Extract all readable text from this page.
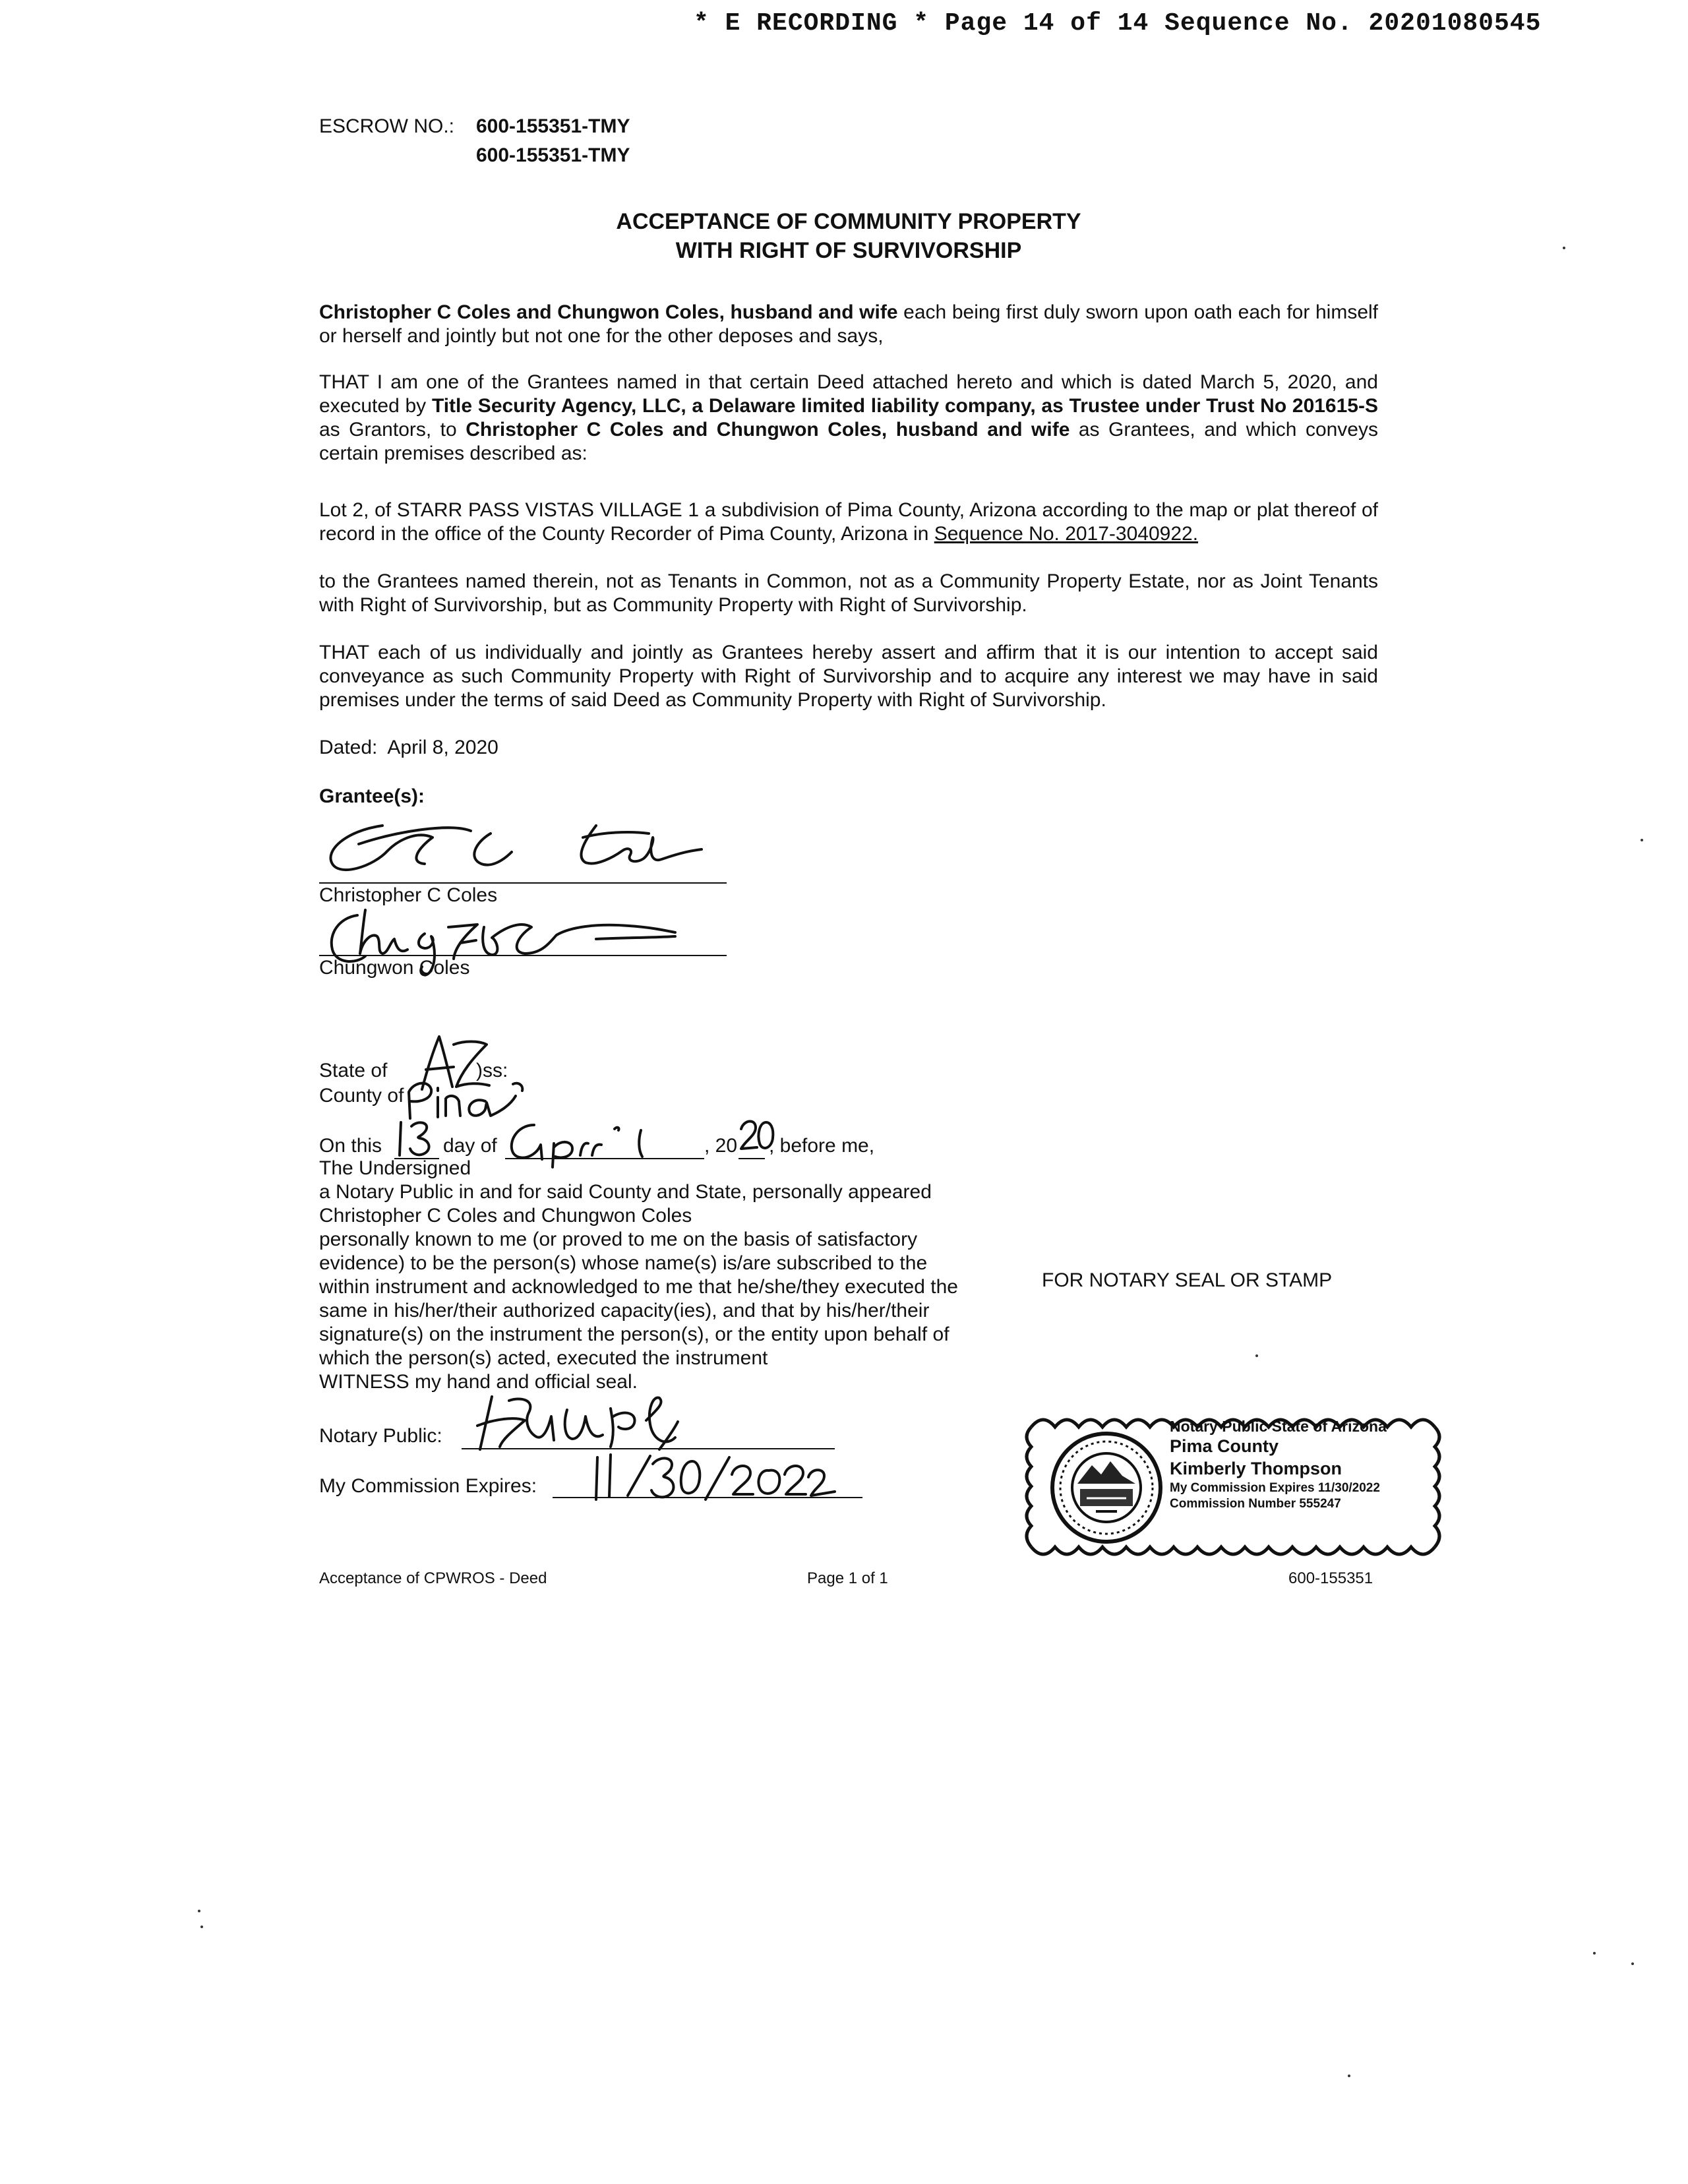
* E RECORDING * Page 14 of 14 Sequence No. 20201080545
ESCROW NO.: 600-155351-TMY
600-155351-TMY
ACCEPTANCE OF COMMUNITY PROPERTY
WITH RIGHT OF SURVIVORSHIP
Christopher C Coles and Chungwon Coles, husband and wife each being first duly sworn upon oath each for himself or herself and jointly but not one for the other deposes and says,
THAT I am one of the Grantees named in that certain Deed attached hereto and which is dated March 5, 2020, and executed by Title Security Agency, LLC, a Delaware limited liability company, as Trustee under Trust No 201615-S as Grantors, to Christopher C Coles and Chungwon Coles, husband and wife as Grantees, and which conveys certain premises described as:
Lot 2, of STARR PASS VISTAS VILLAGE 1 a subdivision of Pima County, Arizona according to the map or plat thereof of record in the office of the County Recorder of Pima County, Arizona in Sequence No. 2017-3040922.
to the Grantees named therein, not as Tenants in Common, not as a Community Property Estate, nor as Joint Tenants with Right of Survivorship, but as Community Property with Right of Survivorship.
THAT each of us individually and jointly as Grantees hereby assert and affirm that it is our intention to accept said conveyance as such Community Property with Right of Survivorship and to acquire any interest we may have in said premises under the terms of said Deed as Community Property with Right of Survivorship.
Dated:  April 8, 2020
Grantee(s):
Christopher C Coles
Chungwon Coles
State of	)ss:
County of
On this	day of	, 20 , before me,
The Undersigned
a Notary Public in and for said County and State, personally appeared
Christopher C Coles and Chungwon Coles
personally known to me (or proved to me on the basis of satisfactory
evidence) to be the person(s) whose name(s) is/are subscribed to the
within instrument and acknowledged to me that he/she/they executed the
same in his/her/their authorized capacity(ies), and that by his/her/their
signature(s) on the instrument the person(s), or the entity upon behalf of
which the person(s) acted, executed the instrument
WITNESS my hand and official seal.
Notary Public:
My Commission Expires:
FOR NOTARY SEAL OR STAMP
Notary Public State of Arizona
Pima County
Kimberly Thompson
My Commission Expires 11/30/2022
Commission Number 555247
Acceptance of CPWROS - Deed	Page 1 of 1	600-155351
